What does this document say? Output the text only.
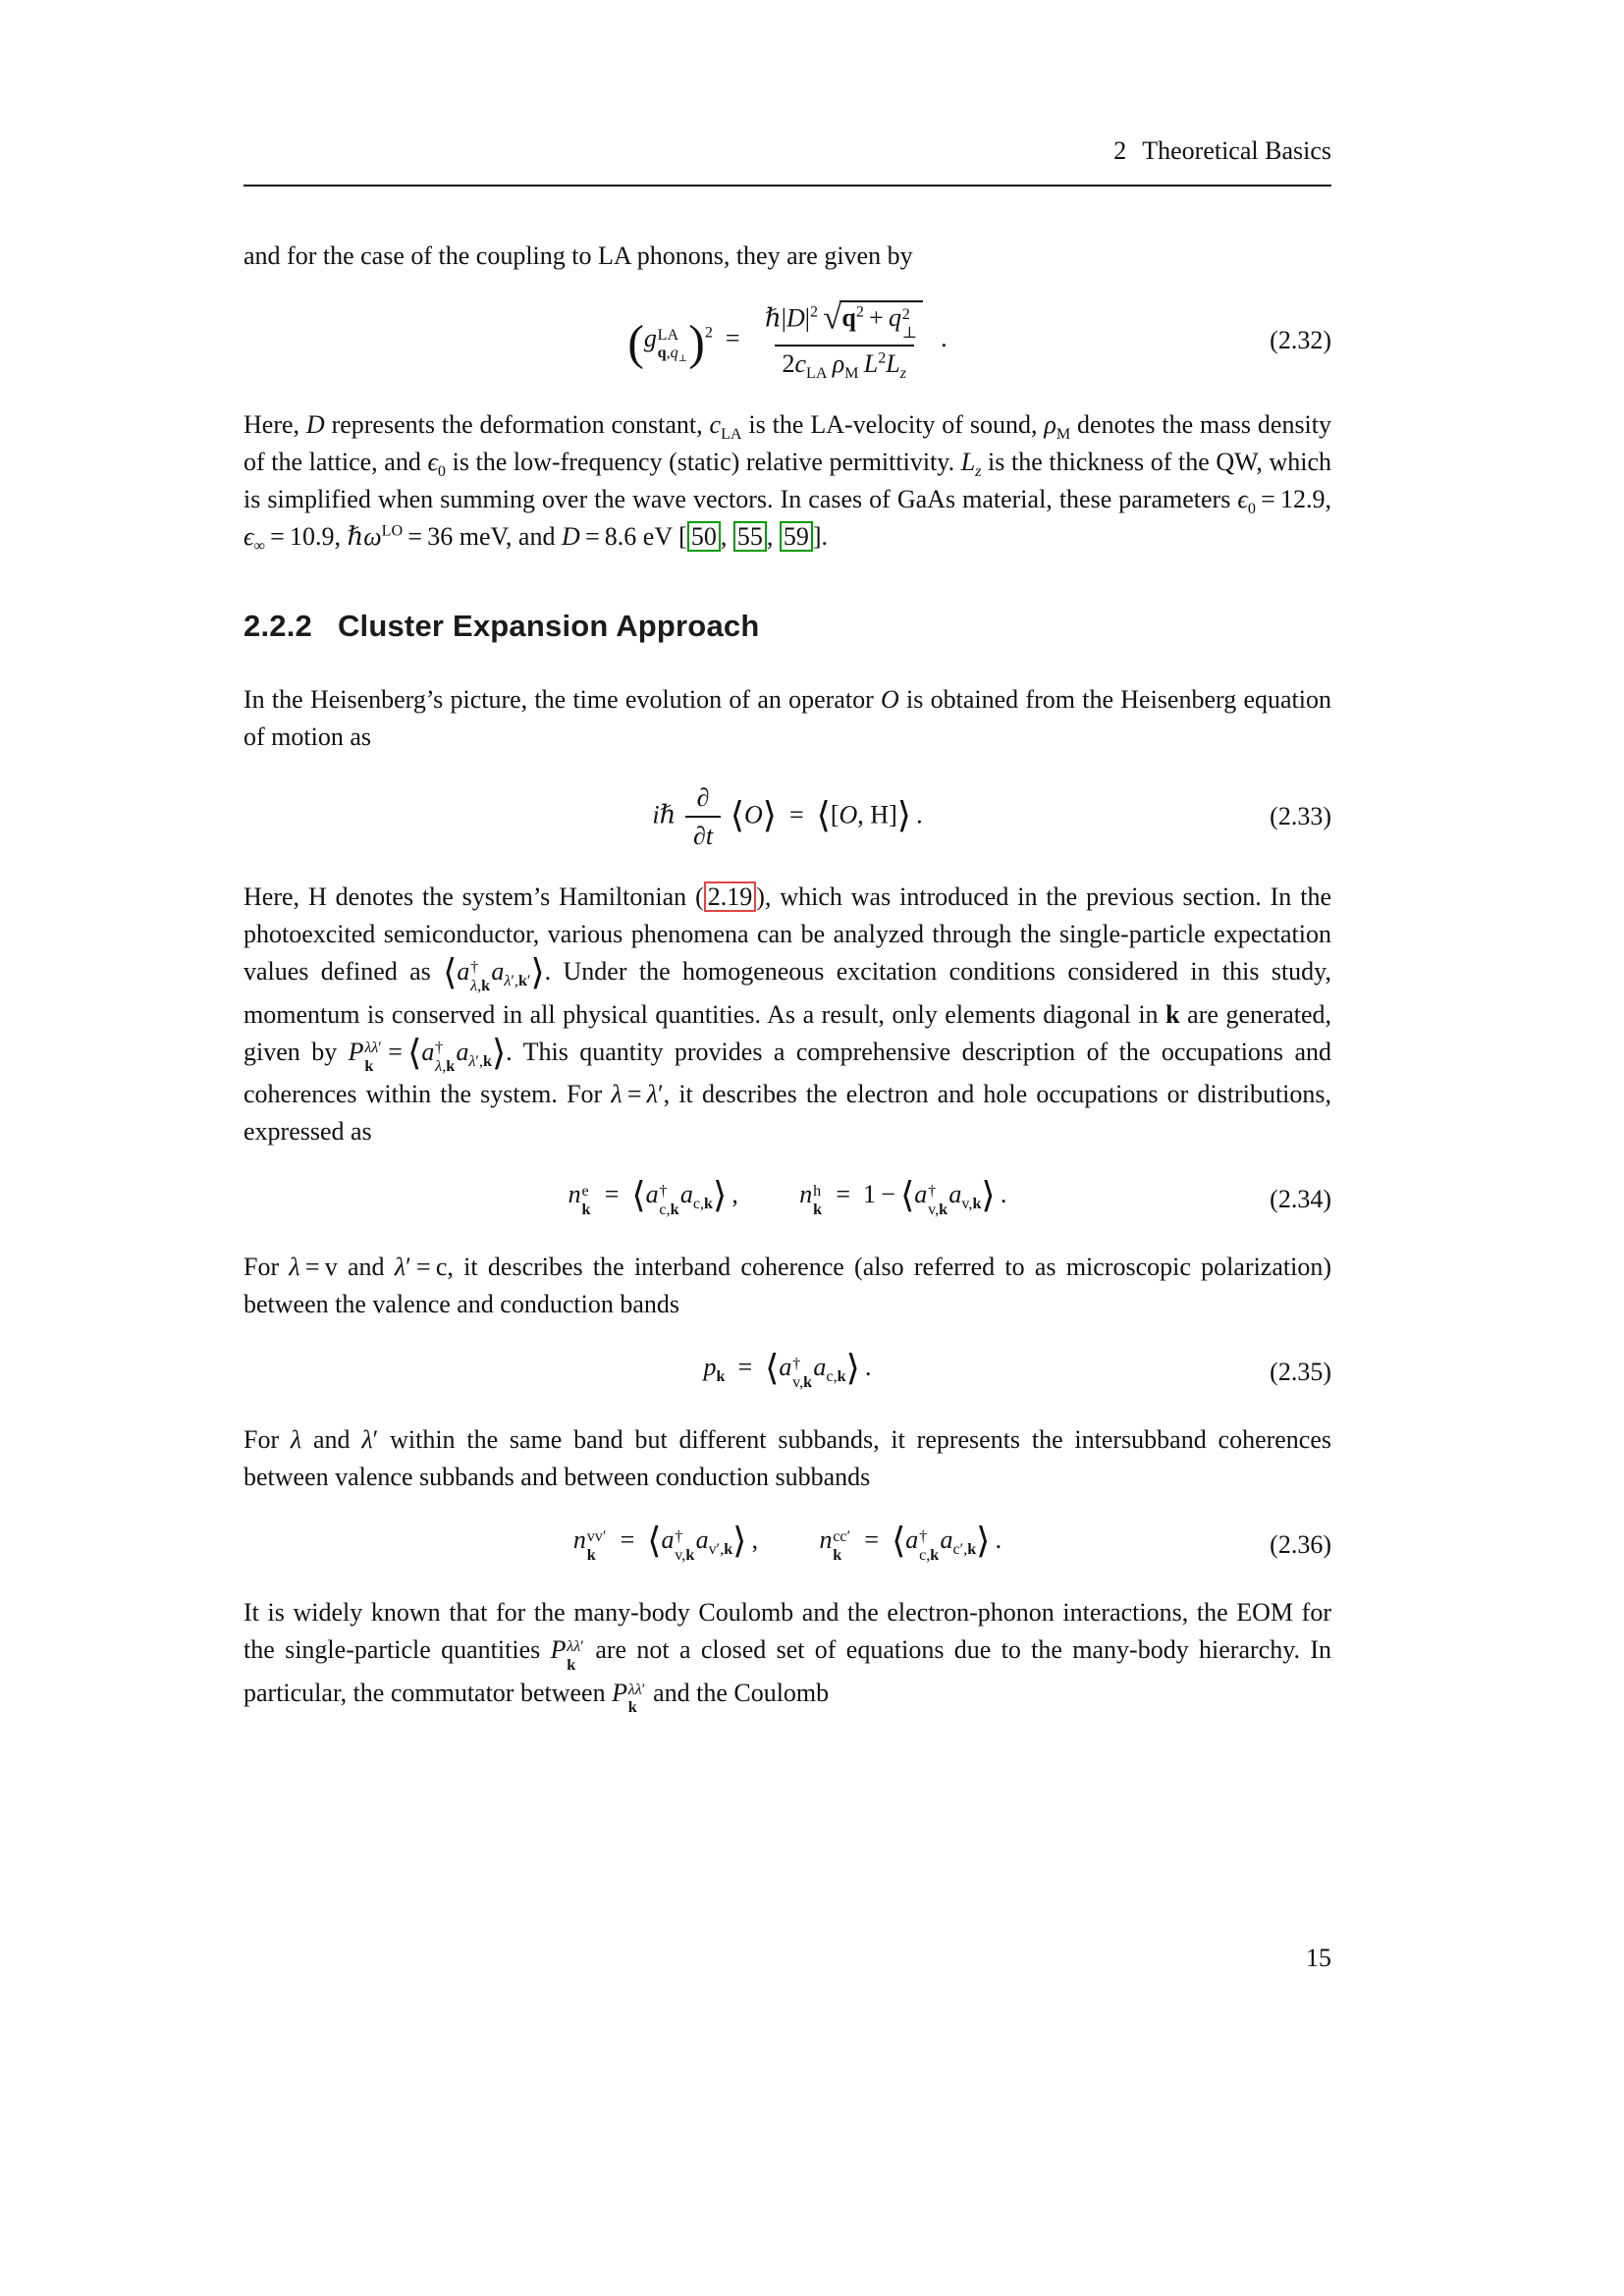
2 Theoretical Basics

and for the case of the coupling to LA phonons, they are given by

(g LA
$q,q_\perp$ )$^2$ =  $\hbar|D|^2$  $√q^2 + q$ 2
⊥
$2c_{LA}$  $\rho_M$  $L^2L_z$  .	(2.32)

Here, D represents the deformation constant, $c_{LA}$ is the LA-velocity of sound, $\rho_M$ denotes the mass density of the lattice, and $\epsilon_0$ is the low-frequency (static) relative permittivity. $L_z$ is the thickness of the QW, which is simplified when summing over the wave vectors. In cases of GaAs material, these parameters $\epsilon_0 = 12.9$, $\epsilon_\infty = 10.9$, ℏω$^{LO}$ = 36 meV, and D = 8.6 eV [ 50 , 55 , 59 ].

2.2.2 Cluster Expansion Approach

In the Heisenberg’s picture, the time evolution of an operator O is obtained from the Heisenberg equation of motion as

iℏ  $\frac{\partial}{\partial t}$
  ⟨O⟩ = ⟨[O, H]⟩ .	(2.33)

Here, H denotes the system’s Hamiltonian ( 2.19 ), which was introduced in the previous section. In the photoexcited semiconductor, various phenomena can be analyzed through the single-particle expectation values defined as ⟨a †
λ,k
$a_{\lambda',k'}⟩$. Under the homogeneous excitation conditions considered in this study, momentum is conserved in all physical quantities. As a result, only elements diagonal in k are generated, given by P λλ′
k
 = ⟨a †
λ,k
$a_{\lambda',k}⟩$. This quantity provides a comprehensive description of the occupations and coherences within the system. For λ = λ′, it describes the electron and hole occupations or distributions, expressed as

n e
k
 = ⟨a †
c,k
$a_{c,k}⟩$ , n h
k
 = 1 − ⟨a †
v,k
$a_{v,k}⟩$ .	(2.34)

For λ = v and λ′ = c, it describes the interband coherence (also referred to as microscopic polarization) between the valence and conduction bands

$p_k$ = ⟨a †
v,k
$a_{c,k}⟩$ .	(2.35)

For λ and λ′ within the same band but different subbands, it represents the intersubband coherences between valence subbands and between conduction subbands

n vv′
k
 = ⟨a †
v,k
$a_{v',k}⟩$ , n cc′
k
 = ⟨a †
c,k
$a_{c',k}⟩$ .	(2.36)

It is widely known that for the many-body Coulomb and the electron-phonon interactions, the EOM for the single-particle quantities P λλ′
k
are not a closed set of equations due to the many-body hierarchy. In particular, the commutator between P λλ′
k
and the Coulomb

15
